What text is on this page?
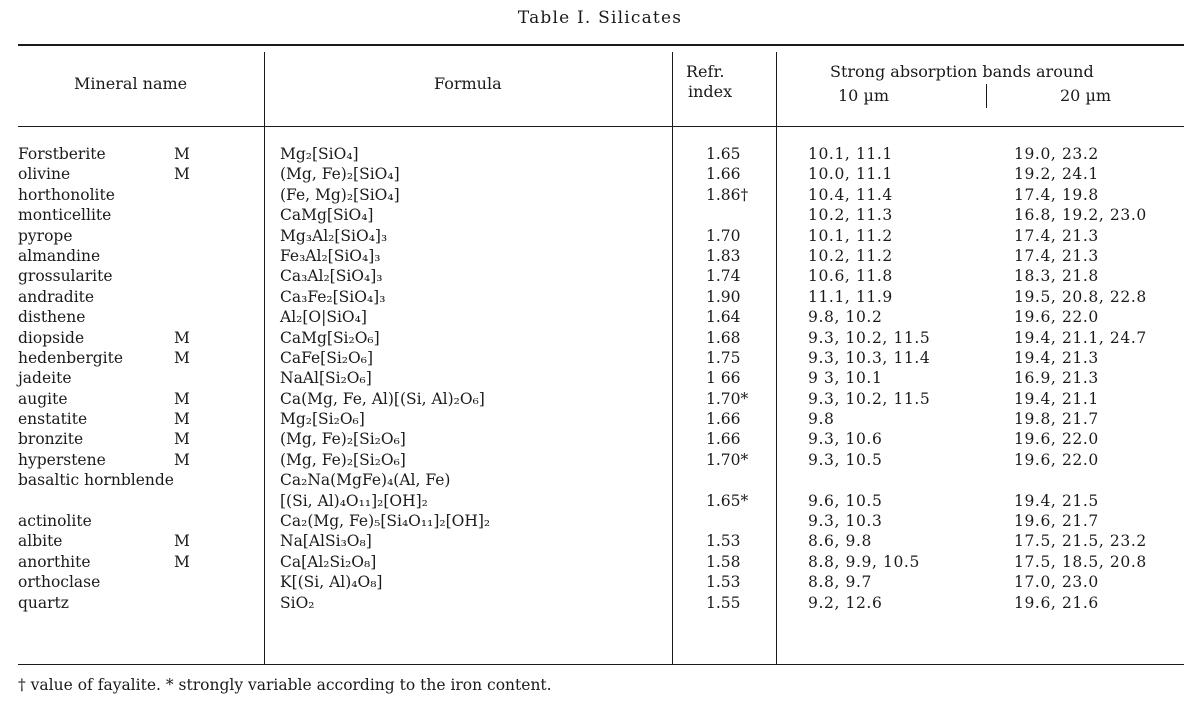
Table I. Silicates
Mineral name	Formula
Refr.
index
Strong absorption bands around
10 µm	20 µm
Forstberite	M	Mg₂[SiO₄]	1.65	10.1, 11.1	19.0, 23.2
olivine	M	(Mg, Fe)₂[SiO₄]	1.66	10.0, 11.1	19.2, 24.1
horthonolite	(Fe, Mg)₂[SiO₄]	1.86†	10.4, 11.4	17.4, 19.8
monticellite	CaMg[SiO₄]	10.2, 11.3	16.8, 19.2, 23.0
pyrope	Mg₃Al₂[SiO₄]₃	1.70	10.1, 11.2	17.4, 21.3
almandine	Fe₃Al₂[SiO₄]₃	1.83	10.2, 11.2	17.4, 21.3
grossularite	Ca₃Al₂[SiO₄]₃	1.74	10.6, 11.8	18.3, 21.8
andradite	Ca₃Fe₂[SiO₄]₃	1.90	11.1, 11.9	19.5, 20.8, 22.8
disthene	Al₂[O|SiO₄]	1.64	9.8, 10.2	19.6, 22.0
diopside	M	CaMg[Si₂O₆]	1.68	9.3, 10.2, 11.5	19.4, 21.1, 24.7
hedenbergite	M	CaFe[Si₂O₆]	1.75	9.3, 10.3, 11.4	19.4, 21.3
jadeite	NaAl[Si₂O₆]	1 66	9 3, 10.1	16.9, 21.3
augite	M	Ca(Mg, Fe, Al)[(Si, Al)₂O₆]	1.70*	9.3, 10.2, 11.5	19.4, 21.1
enstatite	M	Mg₂[Si₂O₆]	1.66	9.8	19.8, 21.7
bronzite	M	(Mg, Fe)₂[Si₂O₆]	1.66	9.3, 10.6	19.6, 22.0
hyperstene	M	(Mg, Fe)₂[Si₂O₆]	1.70*	9.3, 10.5	19.6, 22.0
basaltic hornblende	Ca₂Na(MgFe)₄(Al, Fe)
[(Si, Al)₄O₁₁]₂[OH]₂	1.65*	9.6, 10.5	19.4, 21.5
actinolite	Ca₂(Mg, Fe)₅[Si₄O₁₁]₂[OH]₂	9.3, 10.3	19.6, 21.7
albite	M	Na[AlSi₃O₈]	1.53	8.6, 9.8	17.5, 21.5, 23.2
anorthite	M	Ca[Al₂Si₂O₈]	1.58	8.8, 9.9, 10.5	17.5, 18.5, 20.8
orthoclase	K[(Si, Al)₄O₈]	1.53	8.8, 9.7	17.0, 23.0
quartz	SiO₂	1.55	9.2, 12.6	19.6, 21.6
† value of fayalite. * strongly variable according to the iron content.
